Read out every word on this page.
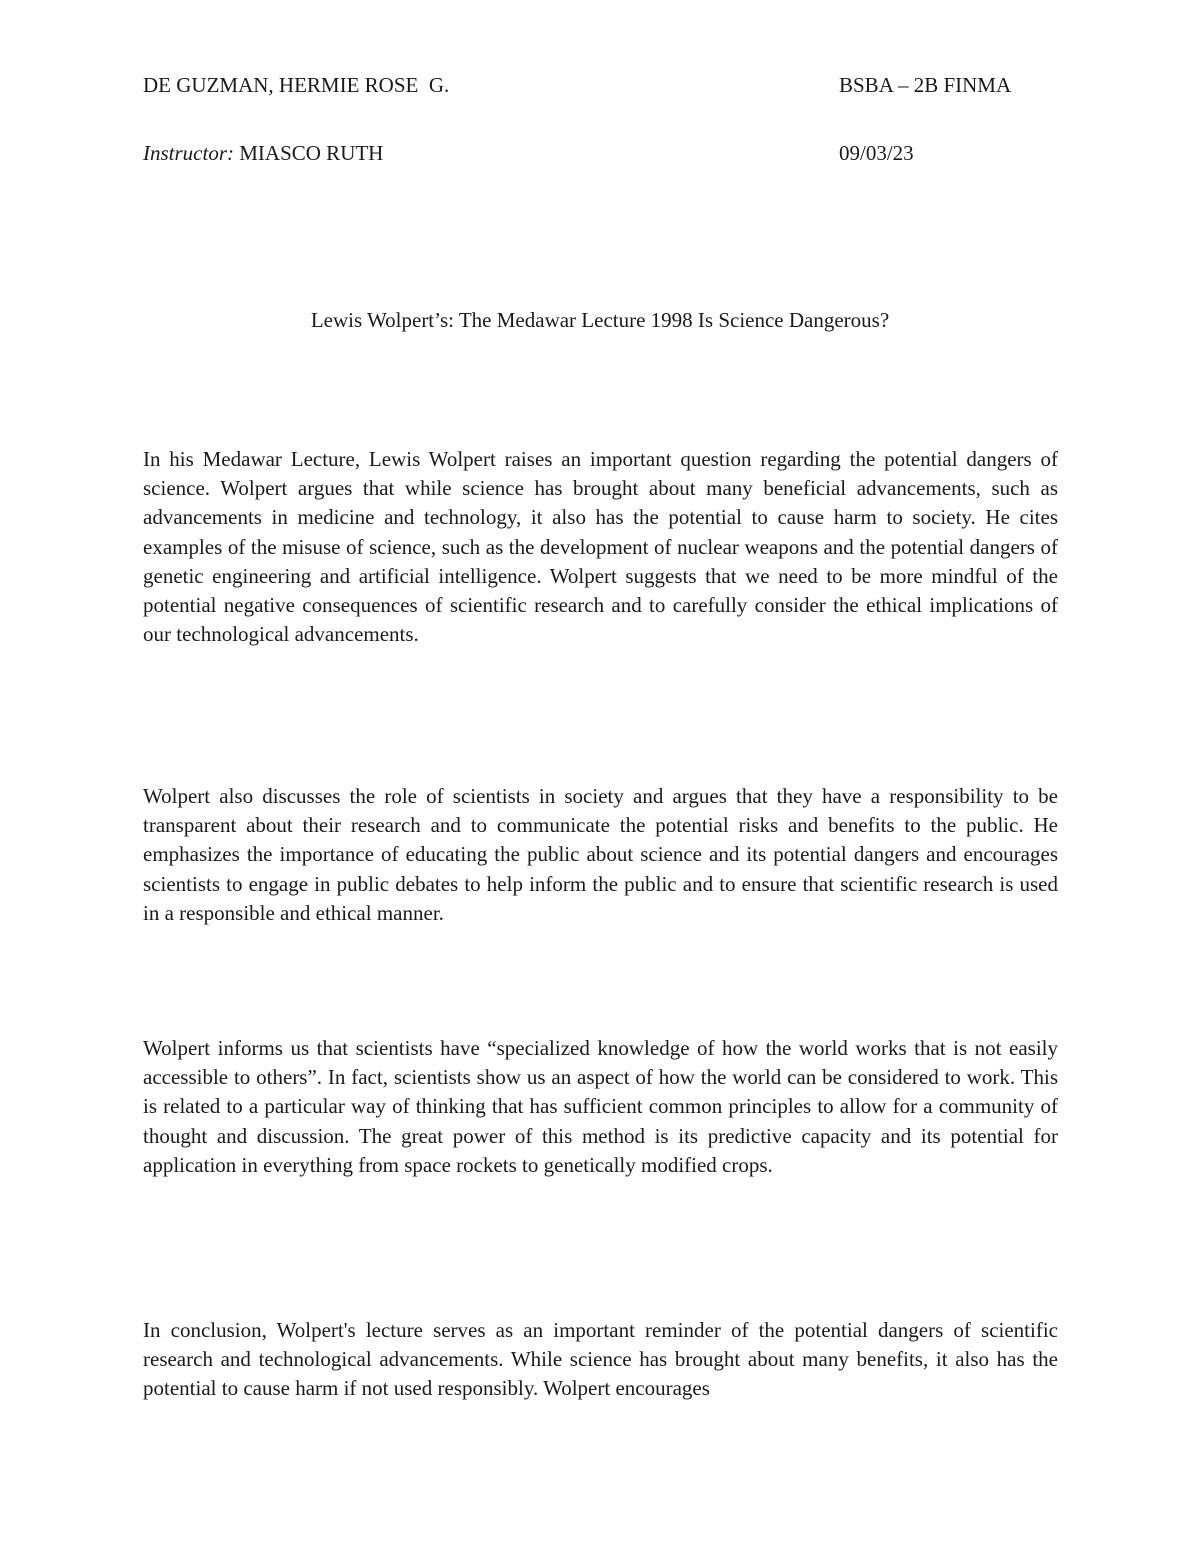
DE GUZMAN, HERMIE ROSE  G.	BSBA – 2B FINMA
Instructor: MIASCO RUTH	09/03/23
Lewis Wolpert’s: The Medawar Lecture 1998 Is Science Dangerous?

In his Medawar Lecture, Lewis Wolpert raises an important question regarding the potential dangers of science. Wolpert argues that while science has brought about many beneficial advancements, such as advancements in medicine and technology, it also has the potential to cause harm to society. He cites examples of the misuse of science, such as the development of nuclear weapons and the potential dangers of genetic engineering and artificial intelligence. Wolpert suggests that we need to be more mindful of the potential negative consequences of scientific research and to carefully consider the ethical implications of our technological advancements.

Wolpert also discusses the role of scientists in society and argues that they have a responsibility to be transparent about their research and to communicate the potential risks and benefits to the public. He emphasizes the importance of educating the public about science and its potential dangers and encourages scientists to engage in public debates to help inform the public and to ensure that scientific research is used in a responsible and ethical manner.

Wolpert informs us that scientists have “specialized knowledge of how the world works that is not easily accessible to others”. In fact, scientists show us an aspect of how the world can be considered to work. This is related to a particular way of thinking that has sufficient common principles to allow for a community of thought and discussion. The great power of this method is its predictive capacity and its potential for application in everything from space rockets to genetically modified crops.

In conclusion, Wolpert's lecture serves as an important reminder of the potential dangers of scientific research and technological advancements. While science has brought about many benefits, it also has the potential to cause harm if not used responsibly. Wolpert encourages
